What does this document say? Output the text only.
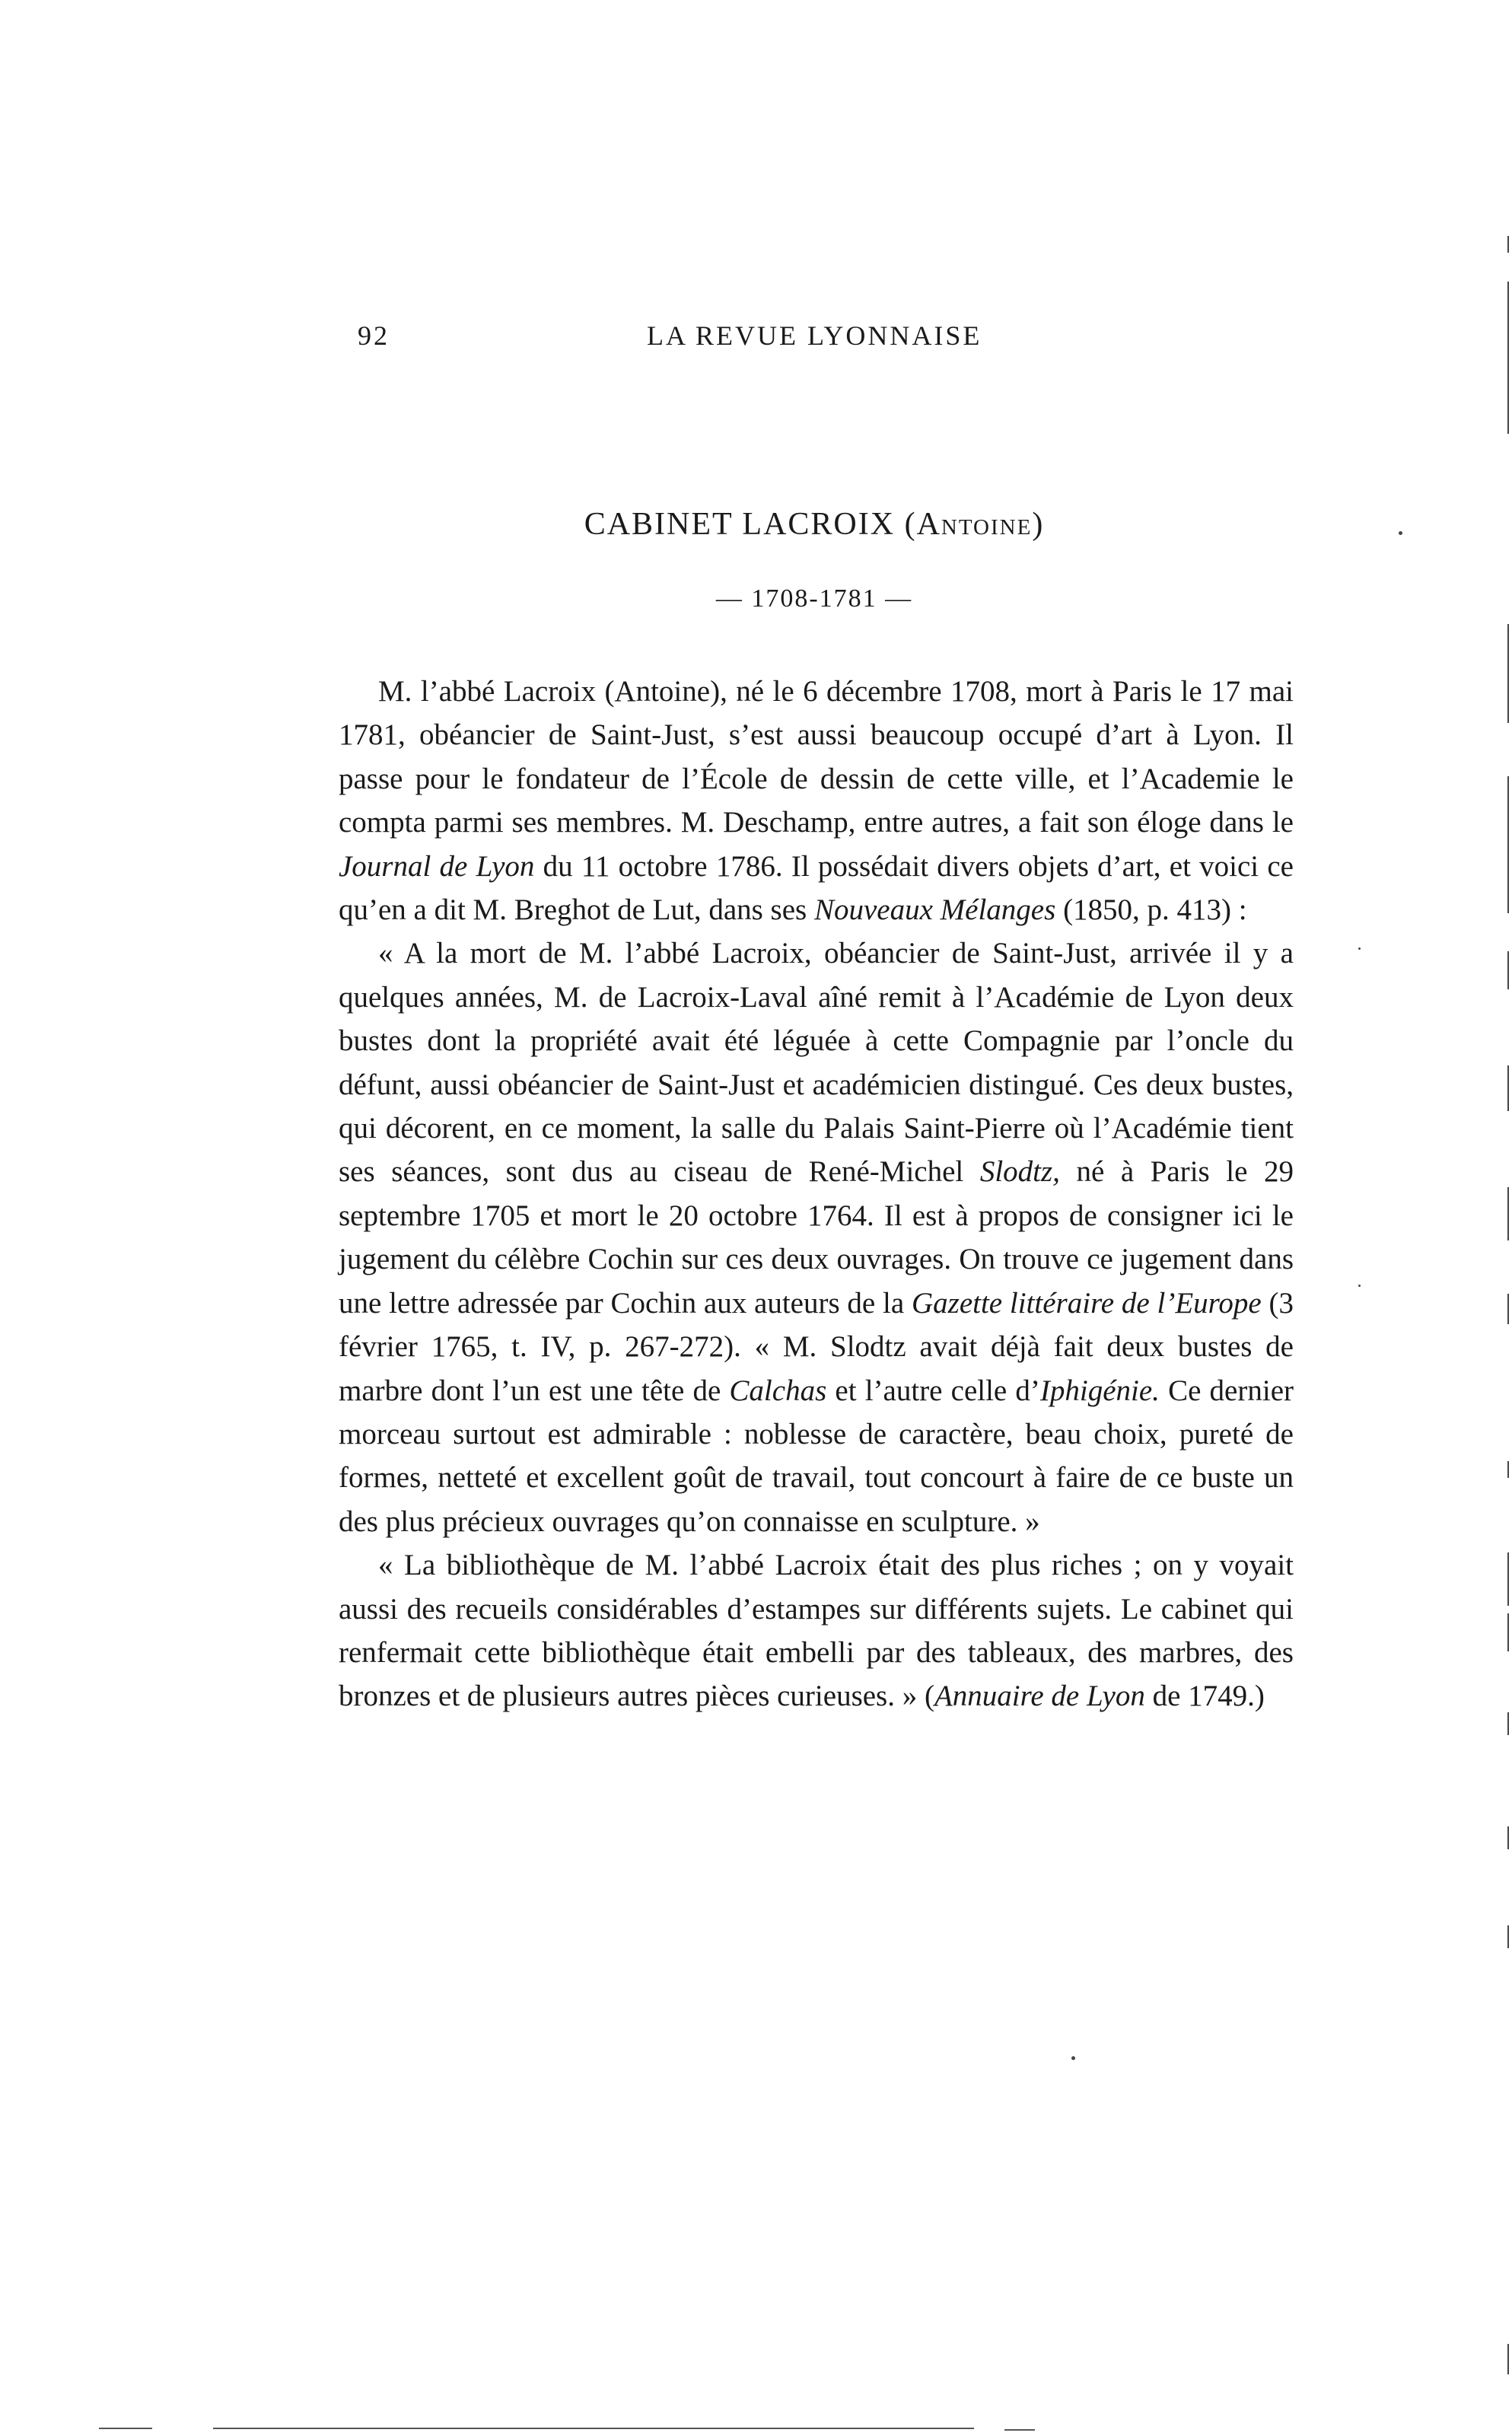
92	LA REVUE LYONNAISE
CABINET LACROIX (Antoine)
— 1708-1781 —

M. l’abbé Lacroix (Antoine), né le 6 décembre 1708, mort à Paris le 17 mai 1781, obéancier de Saint-Just, s’est aussi beaucoup occupé d’art à Lyon. Il passe pour le fondateur de l’École de dessin de cette ville, et l’Academie le compta parmi ses membres. M. Deschamp, entre autres, a fait son éloge dans le Journal de Lyon du 11 octobre 1786. Il possédait divers objets d’art, et voici ce qu’en a dit M. Breghot de Lut, dans ses Nouveaux Mélanges (1850, p. 413) :

« A la mort de M. l’abbé Lacroix, obéancier de Saint-Just, arrivée il y a quelques années, M. de Lacroix-Laval aîné remit à l’Académie de Lyon deux bustes dont la propriété avait été léguée à cette Compagnie par l’oncle du défunt, aussi obéancier de Saint-Just et académicien distingué. Ces deux bustes, qui décorent, en ce moment, la salle du Palais Saint-Pierre où l’Académie tient ses séances, sont dus au ciseau de René-Michel Slodtz, né à Paris le 29 septembre 1705 et mort le 20 octobre 1764. Il est à propos de consigner ici le jugement du célèbre Cochin sur ces deux ouvrages. On trouve ce jugement dans une lettre adressée par Cochin aux auteurs de la Gazette littéraire de l’Europe (3 février 1765, t. IV, p. 267-272). « M. Slodtz avait déjà fait deux bustes de marbre dont l’un est une tête de Calchas et l’autre celle d’Iphigénie. Ce dernier morceau surtout est admirable : noblesse de caractère, beau choix, pureté de formes, netteté et excellent goût de travail, tout concourt à faire de ce buste un des plus précieux ouvrages qu’on connaisse en sculpture. »

« La bibliothèque de M. l’abbé Lacroix était des plus riches ; on y voyait aussi des recueils considérables d’estampes sur différents sujets. Le cabinet qui renfermait cette bibliothèque était embelli par des tableaux, des marbres, des bronzes et de plusieurs autres pièces curieuses. » (Annuaire de Lyon de 1749.)
